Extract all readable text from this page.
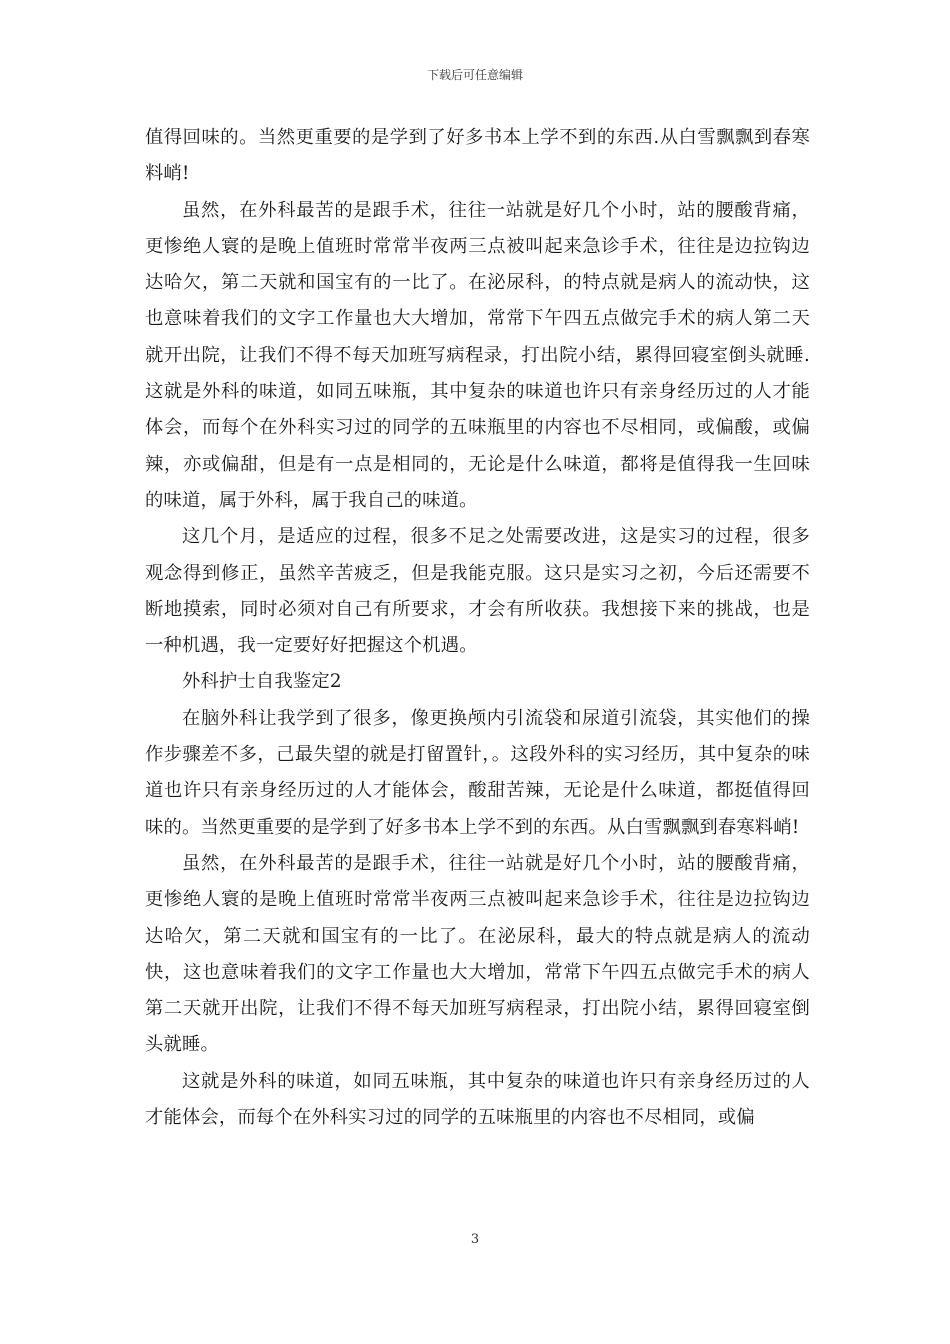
下载后可任意编辑

值得回味的。当然更重要的是学到了好多书本上学不到的东西.从白雪飘飘到春寒料峭!

虽然，在外科最苦的是跟手术，往往一站就是好几个小时，站的腰酸背痛，更惨绝人寰的是晚上值班时常常半夜两三点被叫起来急诊手术，往往是边拉钩边达哈欠，第二天就和国宝有的一比了。在泌尿科，的特点就是病人的流动快，这也意味着我们的文字工作量也大大增加，常常下午四五点做完手术的病人第二天就开出院，让我们不得不每天加班写病程录，打出院小结，累得回寝室倒头就睡.这就是外科的味道，如同五味瓶，其中复杂的味道也许只有亲身经历过的人才能体会，而每个在外科实习过的同学的五味瓶里的内容也不尽相同，或偏酸，或偏辣，亦或偏甜，但是有一点是相同的，无论是什么味道，都将是值得我一生回味的味道，属于外科，属于我自己的味道。

这几个月，是适应的过程，很多不足之处需要改进，这是实习的过程，很多观念得到修正，虽然辛苦疲乏，但是我能克服。这只是实习之初，今后还需要不断地摸索，同时必须对自己有所要求，才会有所收获。我想接下来的挑战，也是一种机遇，我一定要好好把握这个机遇。

外科护士自我鉴定2

在脑外科让我学到了很多，像更换颅内引流袋和尿道引流袋，其实他们的操作步骤差不多，己最失望的就是打留置针，。这段外科的实习经历，其中复杂的味道也许只有亲身经历过的人才能体会，酸甜苦辣，无论是什么味道，都挺值得回味的。当然更重要的是学到了好多书本上学不到的东西。从白雪飘飘到春寒料峭!

虽然，在外科最苦的是跟手术，往往一站就是好几个小时，站的腰酸背痛，更惨绝人寰的是晚上值班时常常半夜两三点被叫起来急诊手术，往往是边拉钩边达哈欠，第二天就和国宝有的一比了。在泌尿科，最大的特点就是病人的流动快，这也意味着我们的文字工作量也大大增加，常常下午四五点做完手术的病人第二天就开出院，让我们不得不每天加班写病程录，打出院小结，累得回寝室倒头就睡。

这就是外科的味道，如同五味瓶，其中复杂的味道也许只有亲身经历过的人才能体会，而每个在外科实习过的同学的五味瓶里的内容也不尽相同，或偏

3
